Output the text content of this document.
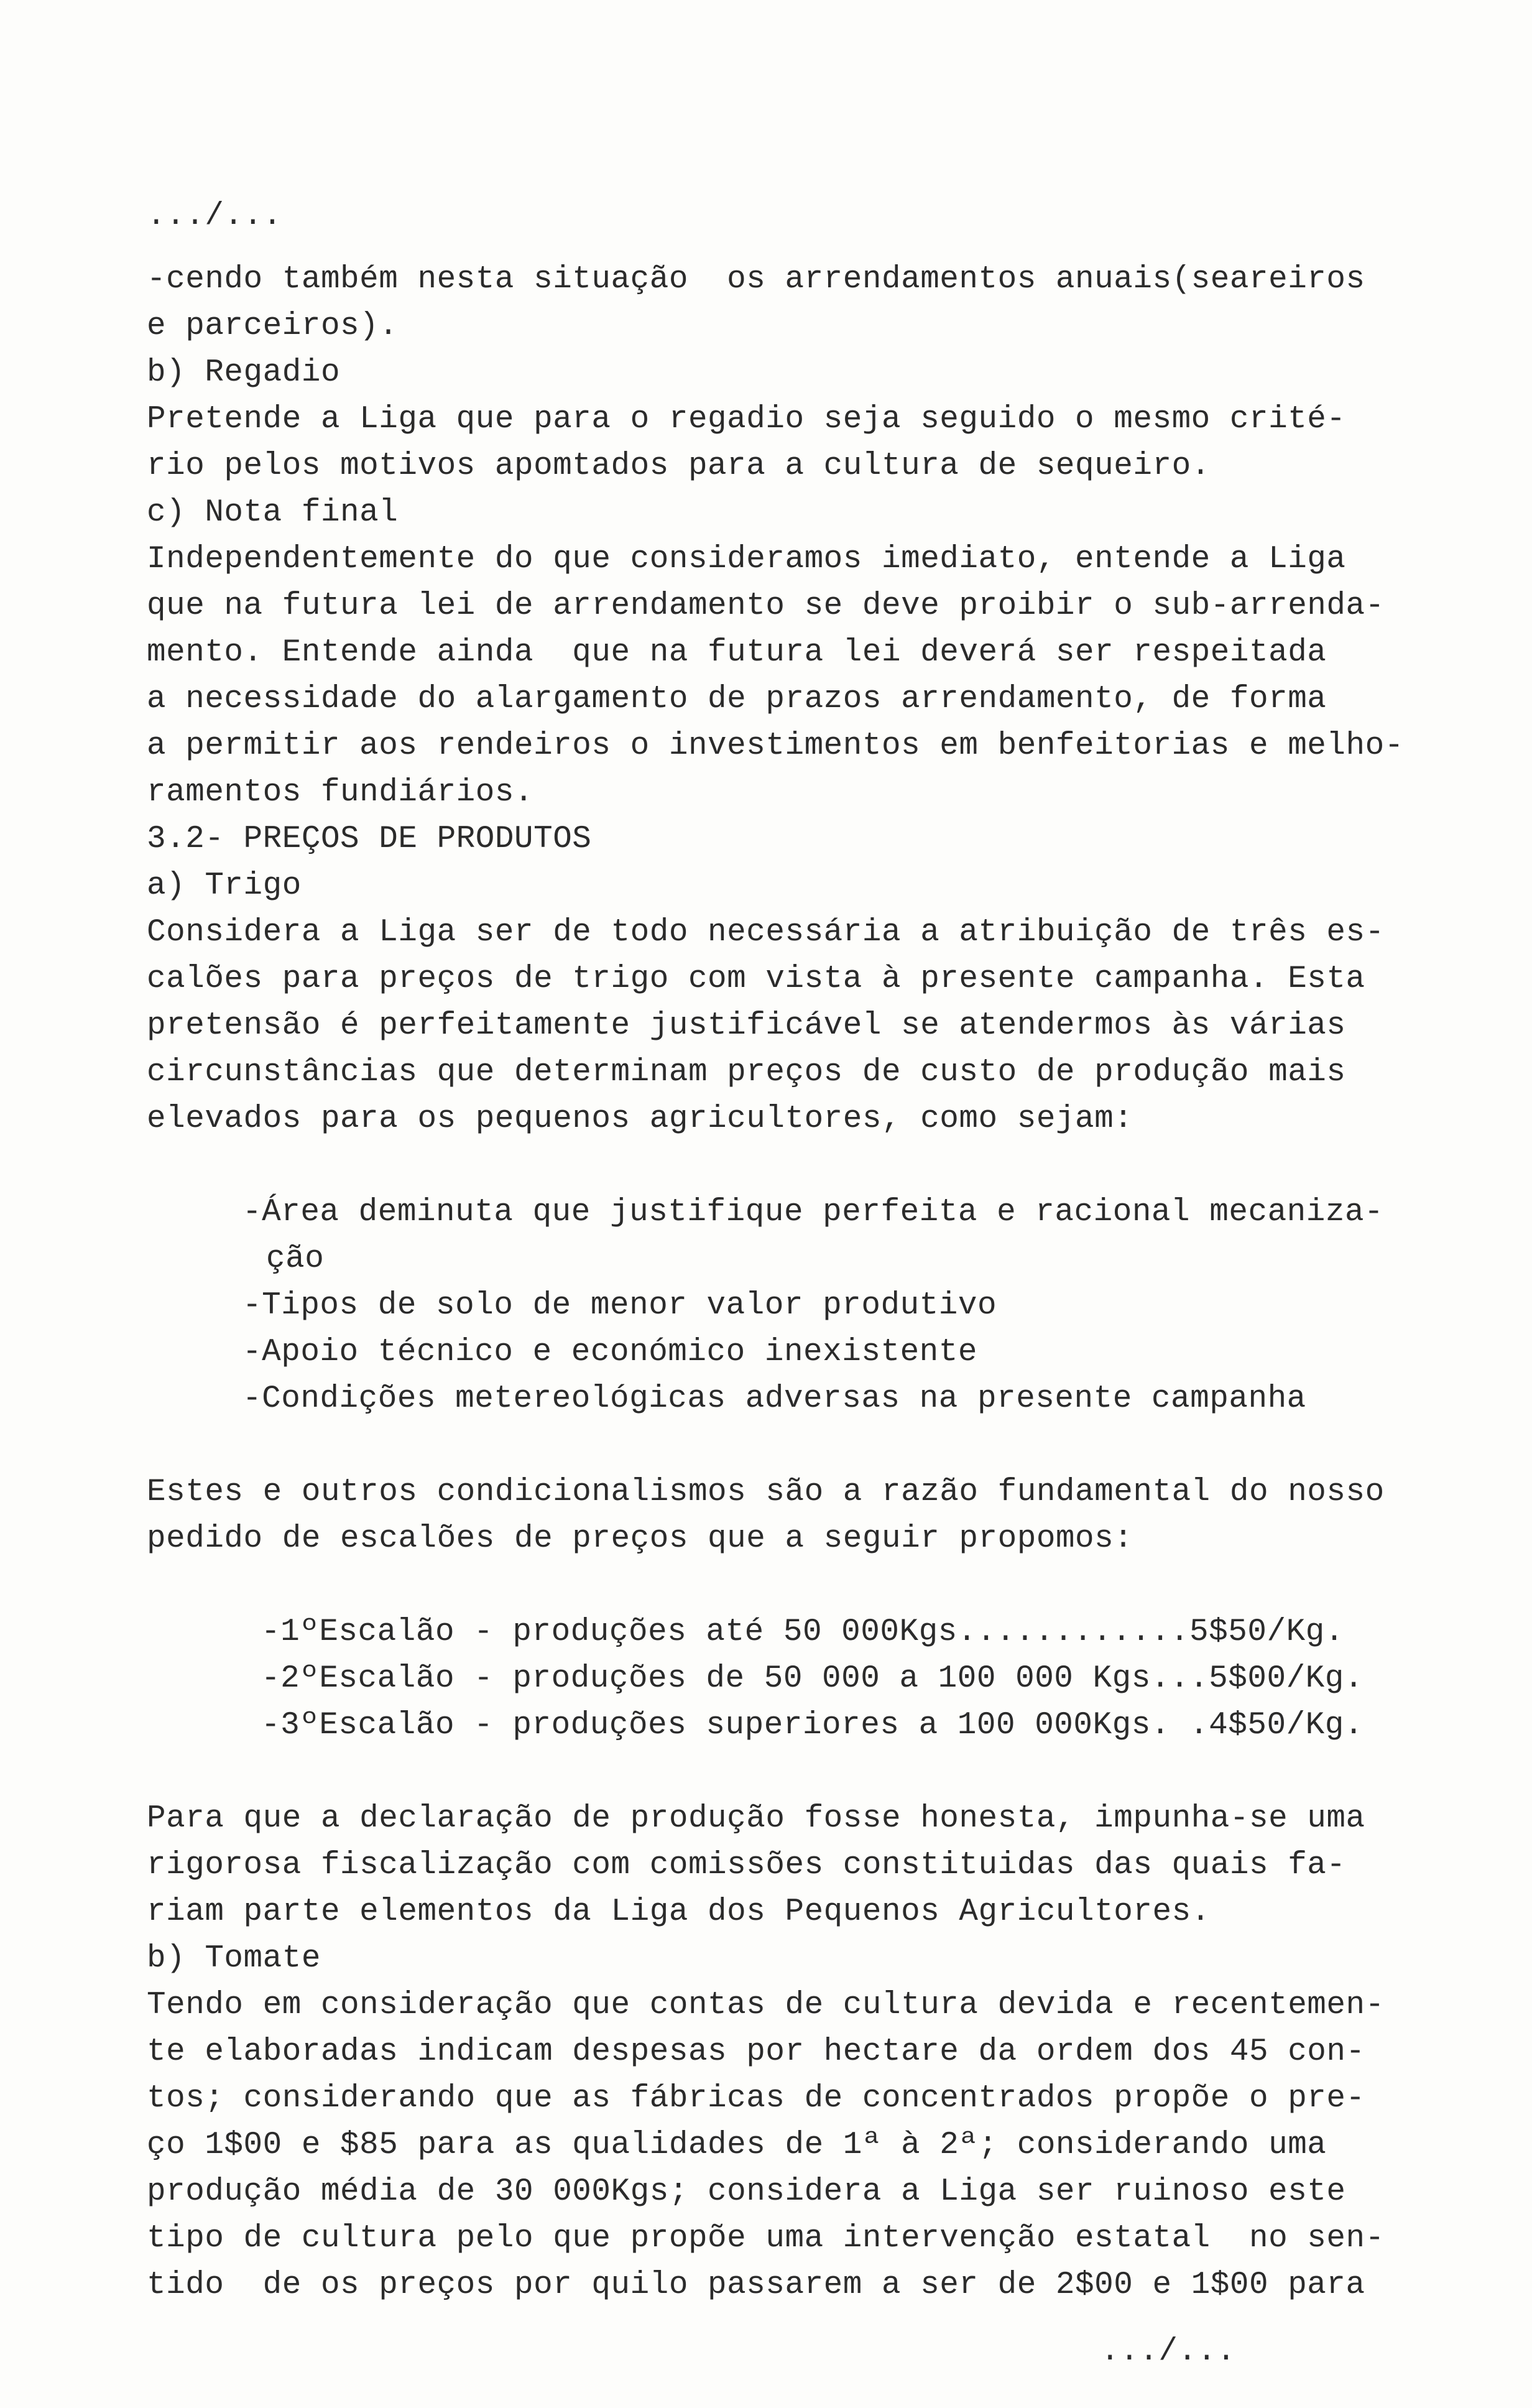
.../...
-cendo também nesta situação  os arrendamentos anuais(seareiros
e parceiros).
b) Regadio
Pretende a Liga que para o regadio seja seguido o mesmo crité-
rio pelos motivos apomtados para a cultura de sequeiro.
c) Nota final
Independentemente do que consideramos imediato, entende a Liga
que na futura lei de arrendamento se deve proibir o sub-arrenda-
mento. Entende ainda  que na futura lei deverá ser respeitada
a necessidade do alargamento de prazos arrendamento, de forma
a permitir aos rendeiros o investimentos em benfeitorias e melho-
ramentos fundiários.
3.2- PREÇOS DE PRODUTOS
a) Trigo
Considera a Liga ser de todo necessária a atribuição de três es-
calões para preços de trigo com vista à presente campanha. Esta
pretensão é perfeitamente justificável se atendermos às várias
circunstâncias que determinam preços de custo de produção mais
elevados para os pequenos agricultores, como sejam:
-Área deminuta que justifique perfeita e racional mecaniza-
ção
-Tipos de solo de menor valor produtivo
-Apoio técnico e económico inexistente
-Condições metereológicas adversas na presente campanha
Estes e outros condicionalismos são a razão fundamental do nosso
pedido de escalões de preços que a seguir propomos:
-1ºEscalão - produções até 50 000Kgs............5$50/Kg.
-2ºEscalão - produções de 50 000 a 100 000 Kgs...5$00/Kg.
-3ºEscalão - produções superiores a 100 000Kgs. .4$50/Kg.
Para que a declaração de produção fosse honesta, impunha-se uma
rigorosa fiscalização com comissões constituidas das quais fa-
riam parte elementos da Liga dos Pequenos Agricultores.
b) Tomate
Tendo em consideração que contas de cultura devida e recentemen-
te elaboradas indicam despesas por hectare da ordem dos 45 con-
tos; considerando que as fábricas de concentrados propõe o pre-
ço 1$00 e $85 para as qualidades de 1ª à 2ª; considerando uma
produção média de 30 000Kgs; considera a Liga ser ruinoso este
tipo de cultura pelo que propõe uma intervenção estatal  no sen-
tido  de os preços por quilo passarem a ser de 2$00 e 1$00 para
.../...
